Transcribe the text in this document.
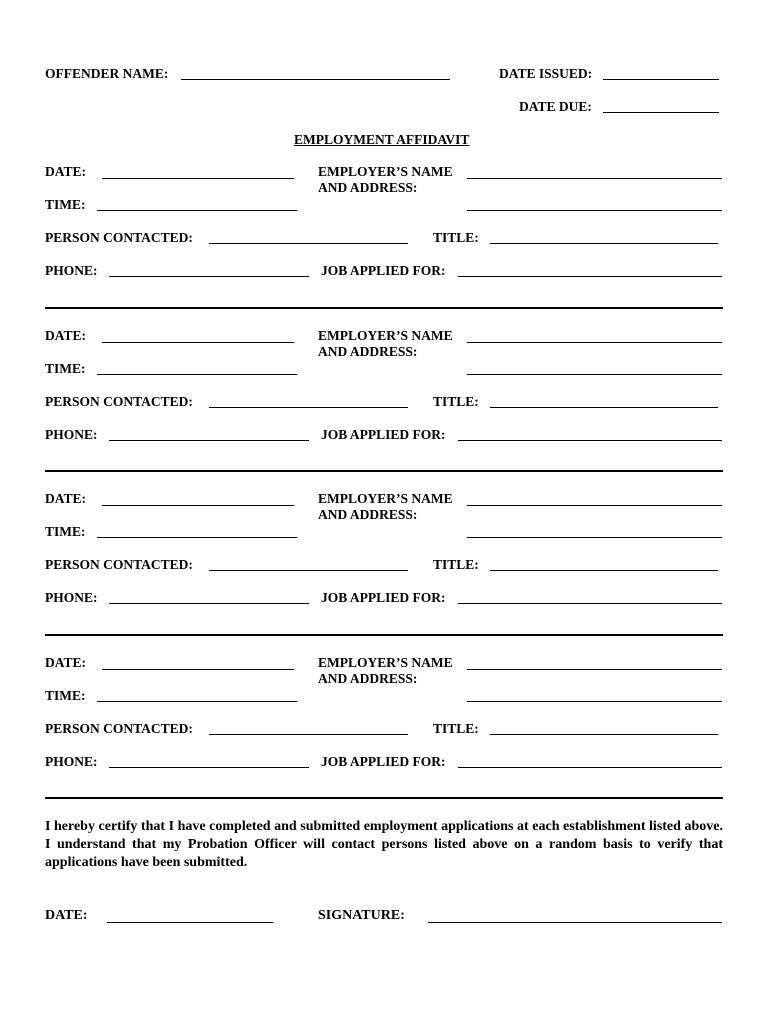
OFFENDER NAME:	DATE ISSUED:
DATE DUE:
EMPLOYMENT AFFIDAVIT
DATE:	EMPLOYER’S NAME
AND ADDRESS:
TIME:
PERSON CONTACTED:	TITLE:
PHONE:	JOB APPLIED FOR:
DATE:	EMPLOYER’S NAME
AND ADDRESS:
TIME:
PERSON CONTACTED:	TITLE:
PHONE:	JOB APPLIED FOR:
DATE:	EMPLOYER’S NAME
AND ADDRESS:
TIME:
PERSON CONTACTED:	TITLE:
PHONE:	JOB APPLIED FOR:
DATE:	EMPLOYER’S NAME
AND ADDRESS:
TIME:
PERSON CONTACTED:	TITLE:
PHONE:	JOB APPLIED FOR:
I hereby certify that I have completed and submitted employment applications at each establishment listed above. I understand that my Probation Officer will contact persons listed above on a random basis to verify that applications have been submitted.
DATE:	SIGNATURE:
